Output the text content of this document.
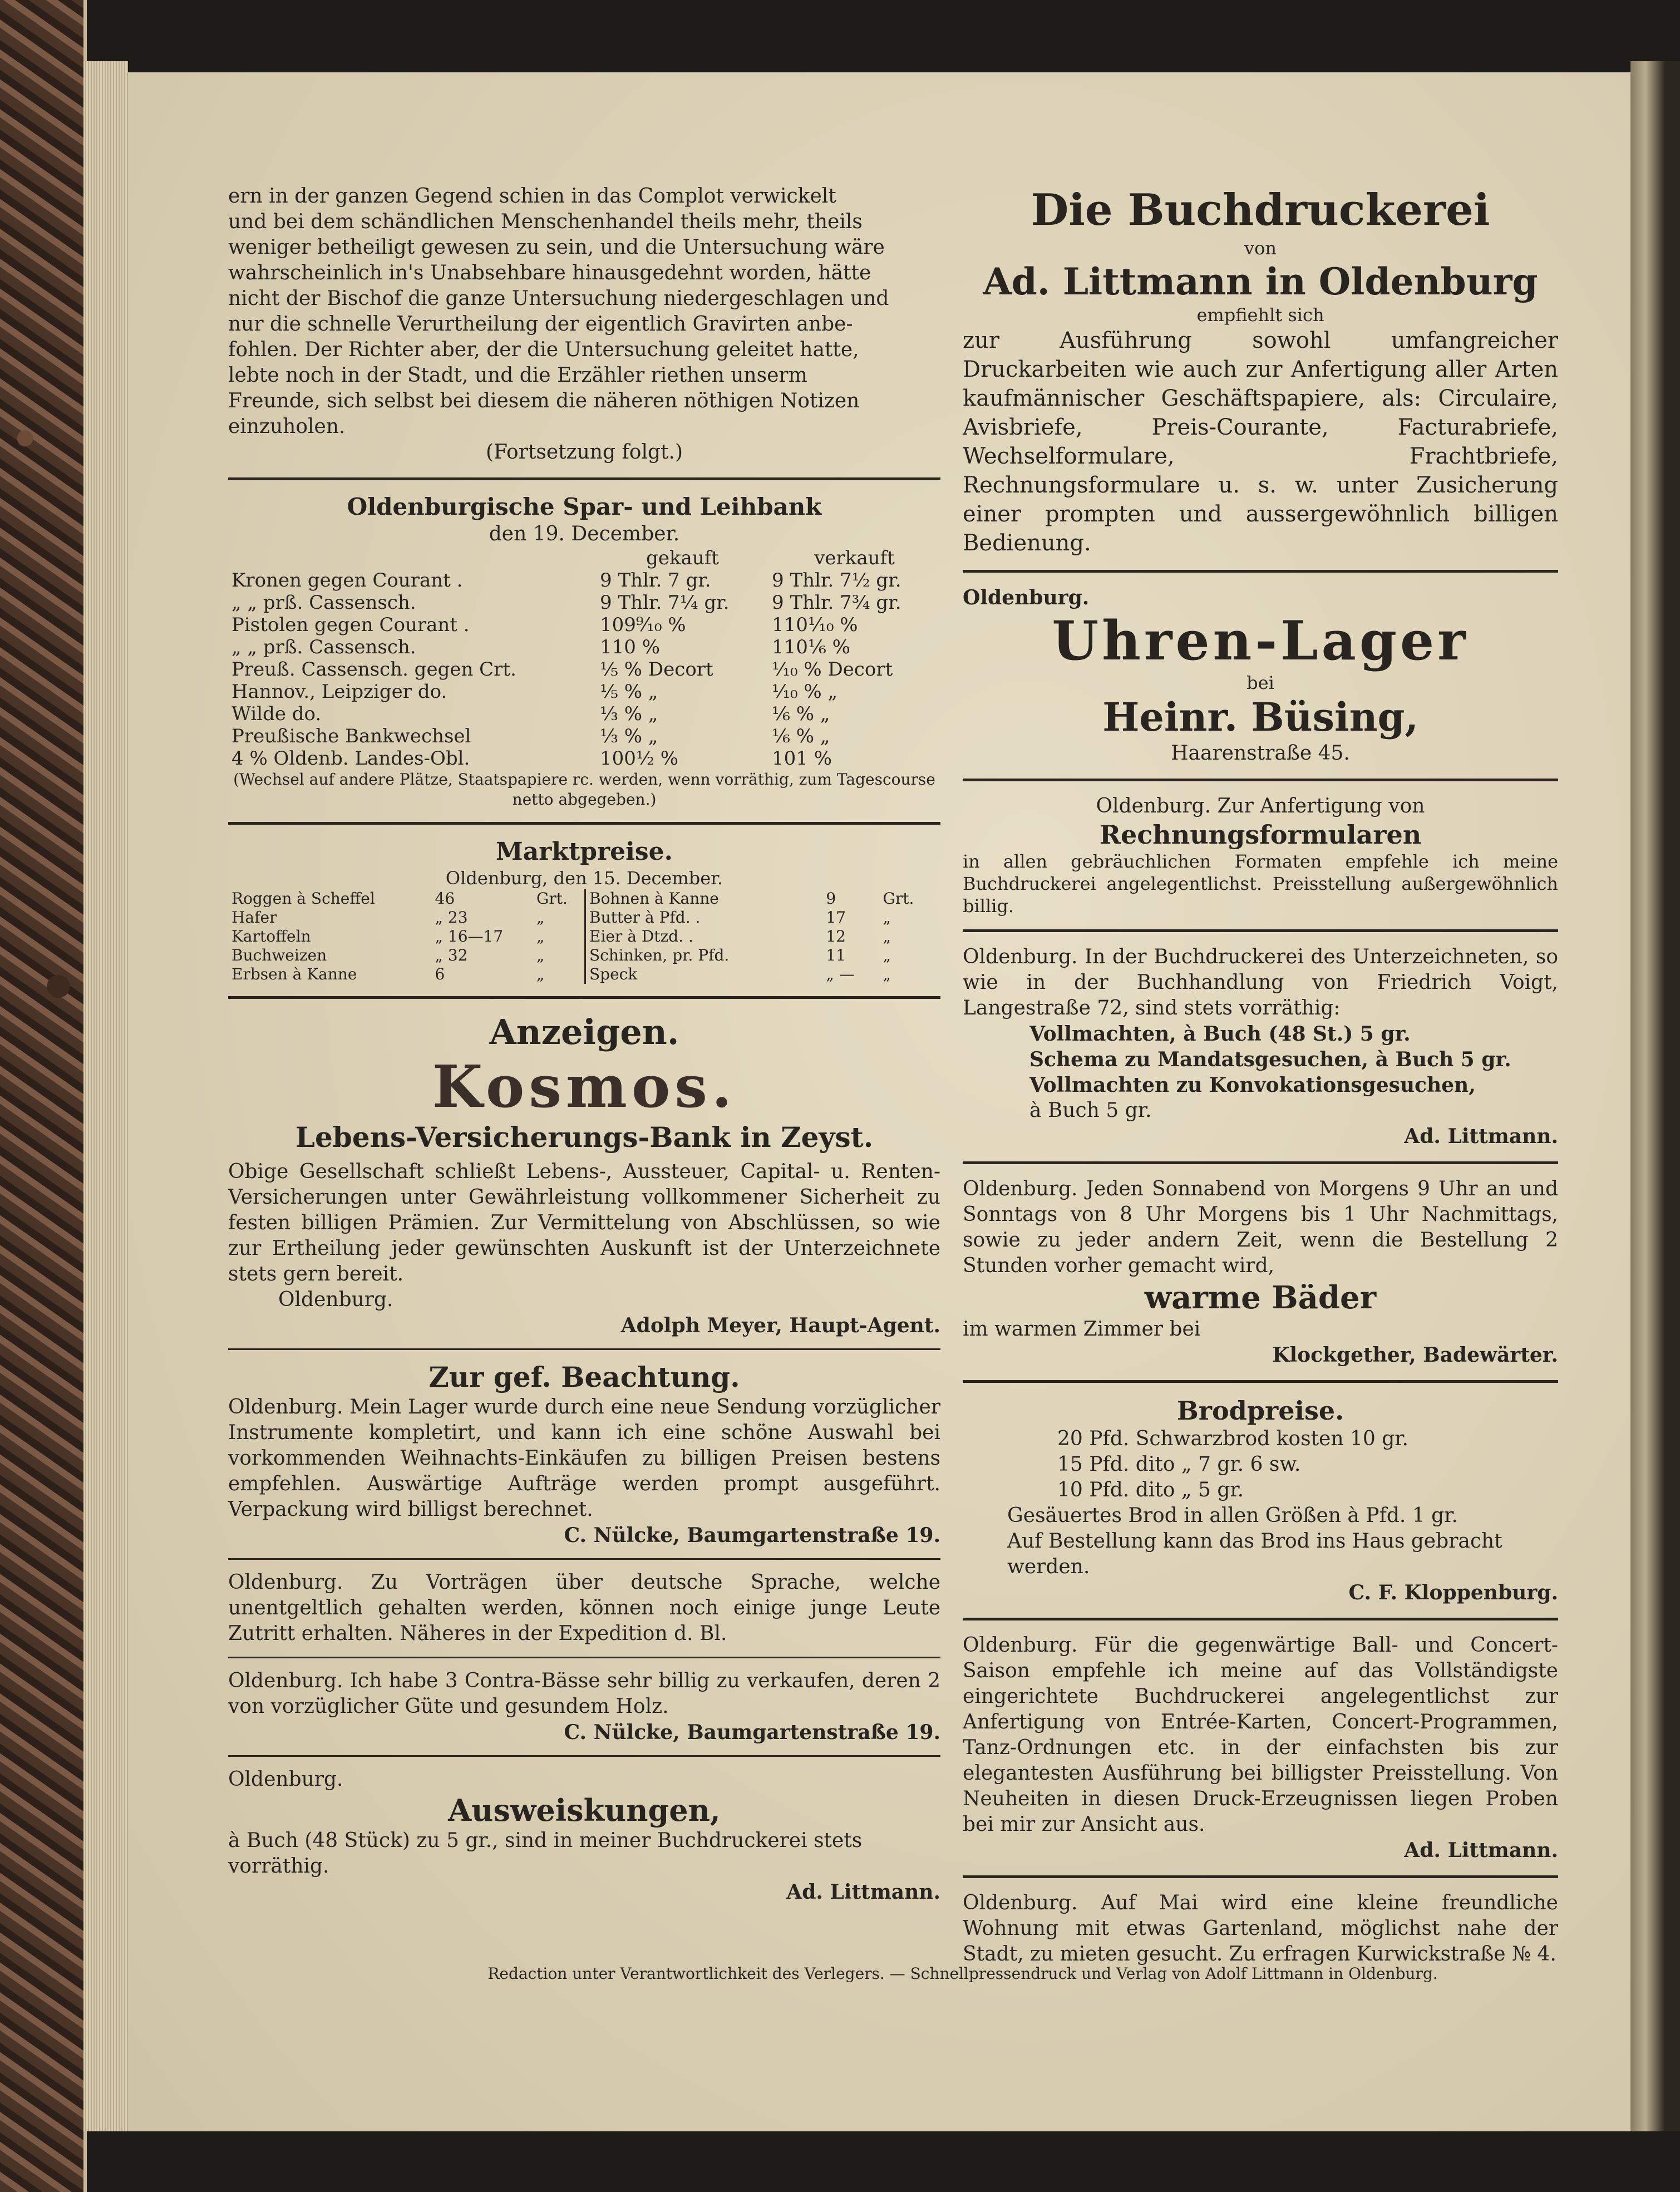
ern in der ganzen Gegend schien in das Complot verwickelt

und bei dem schändlichen Menschenhandel theils mehr, theils

weniger betheiligt gewesen zu sein, und die Untersuchung wäre

wahrscheinlich in's Unabsehbare hinausgedehnt worden, hätte

nicht der Bischof die ganze Untersuchung niedergeschlagen und

nur die schnelle Verurtheilung der eigentlich Gravirten anbe-

fohlen. Der Richter aber, der die Untersuchung geleitet hatte,

lebte noch in der Stadt, und die Erzähler riethen unserm

Freunde, sich selbst bei diesem die näheren nöthigen Notizen

einzuholen.

(Fortsetzung folgt.)

Oldenburgische Spar- und Leihbank

den 19. December.

	gekauft	verkauft
Kronen gegen Courant .	9 Thlr. 7 gr.	9 Thlr. 7½ gr.
„ „ prß. Cassensch.	9 Thlr. 7¼ gr.	9 Thlr. 7¾ gr.
Pistolen gegen Courant .	109⁹⁄₁₀ %	110¹⁄₁₀ %
„ „ prß. Cassensch.	110 %	110¹⁄₆ %
Preuß. Cassensch. gegen Crt.	⅕ % Decort	⅒ % Decort
Hannov., Leipziger do.	⅕ % „	⅒ % „
Wilde do.	⅓ % „	⅙ % „
Preußische Bankwechsel	⅓ % „	⅙ % „
4 % Oldenb. Landes-Obl.	100½ %	101 %

(Wechsel auf andere Plätze, Staatspapiere rc. werden, wenn vorräthig, zum Tagescourse netto abgegeben.)

Marktpreise.

Oldenburg, den 15. December.

Roggen à Scheffel	46	Grt.
Hafer	„ 23	„
Kartoffeln	„ 16—17	„
Buchweizen	„ 32	„
Erbsen à Kanne	6	„
Bohnen à Kanne	9	Grt.
Butter à Pfd. .	17	„
Eier à Dtzd. .	12	„
Schinken, pr. Pfd.	11	„
Speck	„ —	„

Anzeigen.

Kosmos.

Lebens-Versicherungs-Bank in Zeyst.

Obige Gesellschaft schließt Lebens-, Aussteuer, Capital- u. Renten-Versicherungen unter Gewährleistung vollkommener Sicherheit zu festen billigen Prämien. Zur Vermittelung von Abschlüssen, so wie zur Ertheilung jeder gewünschten Auskunft ist der Unterzeichnete stets gern bereit.

Oldenburg.

Adolph Meyer, Haupt-Agent.

Zur gef. Beachtung.

Oldenburg. Mein Lager wurde durch eine neue Sendung vorzüglicher Instrumente kompletirt, und kann ich eine schöne Auswahl bei vorkommenden Weihnachts-Einkäufen zu billigen Preisen bestens empfehlen. Auswärtige Aufträge werden prompt ausgeführt. Verpackung wird billigst berechnet.

C. Nülcke, Baumgartenstraße 19.

Oldenburg. Zu Vorträgen über deutsche Sprache, welche unentgeltlich gehalten werden, können noch einige junge Leute Zutritt erhalten. Näheres in der Expedition d. Bl.

Oldenburg. Ich habe 3 Contra-Bässe sehr billig zu verkaufen, deren 2 von vorzüglicher Güte und gesundem Holz.

C. Nülcke, Baumgartenstraße 19.

Oldenburg.

Ausweiskungen,

à Buch (48 Stück) zu 5 gr., sind in meiner Buchdruckerei stets vorräthig.

Ad. Littmann.

Die Buchdruckerei

von

Ad. Littmann in Oldenburg

empfiehlt sich

zur Ausführung sowohl umfangreicher Druckarbeiten wie auch zur Anfertigung aller Arten kaufmännischer Geschäftspapiere, als: Circulaire, Avisbriefe, Preis-Courante, Facturabriefe, Wechselformulare, Frachtbriefe, Rechnungsformulare u. s. w. unter Zusicherung einer prompten und aussergewöhnlich billigen Bedienung.

Oldenburg.

Uhren-Lager

bei

Heinr. Büsing,

Haarenstraße 45.

Oldenburg. Zur Anfertigung von

Rechnungsformularen

in allen gebräuchlichen Formaten empfehle ich meine Buchdruckerei angelegentlichst. Preisstellung außergewöhnlich billig.

Oldenburg. In der Buchdruckerei des Unterzeichneten, so wie in der Buchhandlung von Friedrich Voigt, Langestraße 72, sind stets vorräthig:

Vollmachten, à Buch (48 St.) 5 gr.

Schema zu Mandatsgesuchen, à Buch 5 gr.

Vollmachten zu Konvokationsgesuchen,

à Buch 5 gr.

Ad. Littmann.

Oldenburg. Jeden Sonnabend von Morgens 9 Uhr an und Sonntags von 8 Uhr Morgens bis 1 Uhr Nachmittags, sowie zu jeder andern Zeit, wenn die Bestellung 2 Stunden vorher gemacht wird,

warme Bäder

im warmen Zimmer bei

Klockgether, Badewärter.

Brodpreise.

20 Pfd. Schwarzbrod kosten 10 gr.

15 Pfd. dito „ 7 gr. 6 sw.

10 Pfd. dito „ 5 gr.

Gesäuertes Brod in allen Größen à Pfd. 1 gr.

Auf Bestellung kann das Brod ins Haus gebracht werden.

C. F. Kloppenburg.

Oldenburg. Für die gegenwärtige Ball- und Concert-Saison empfehle ich meine auf das Vollständigste eingerichtete Buchdruckerei angelegentlichst zur Anfertigung von Entrée-Karten, Concert-Programmen, Tanz-Ordnungen etc. in der einfachsten bis zur elegantesten Ausführung bei billigster Preisstellung. Von Neuheiten in diesen Druck-Erzeugnissen liegen Proben bei mir zur Ansicht aus.

Ad. Littmann.

Oldenburg. Auf Mai wird eine kleine freundliche Wohnung mit etwas Gartenland, möglichst nahe der Stadt, zu mieten gesucht. Zu erfragen Kurwickstraße № 4.

Redaction unter Verantwortlichkeit des Verlegers. — Schnellpressendruck und Verlag von Adolf Littmann in Oldenburg.
